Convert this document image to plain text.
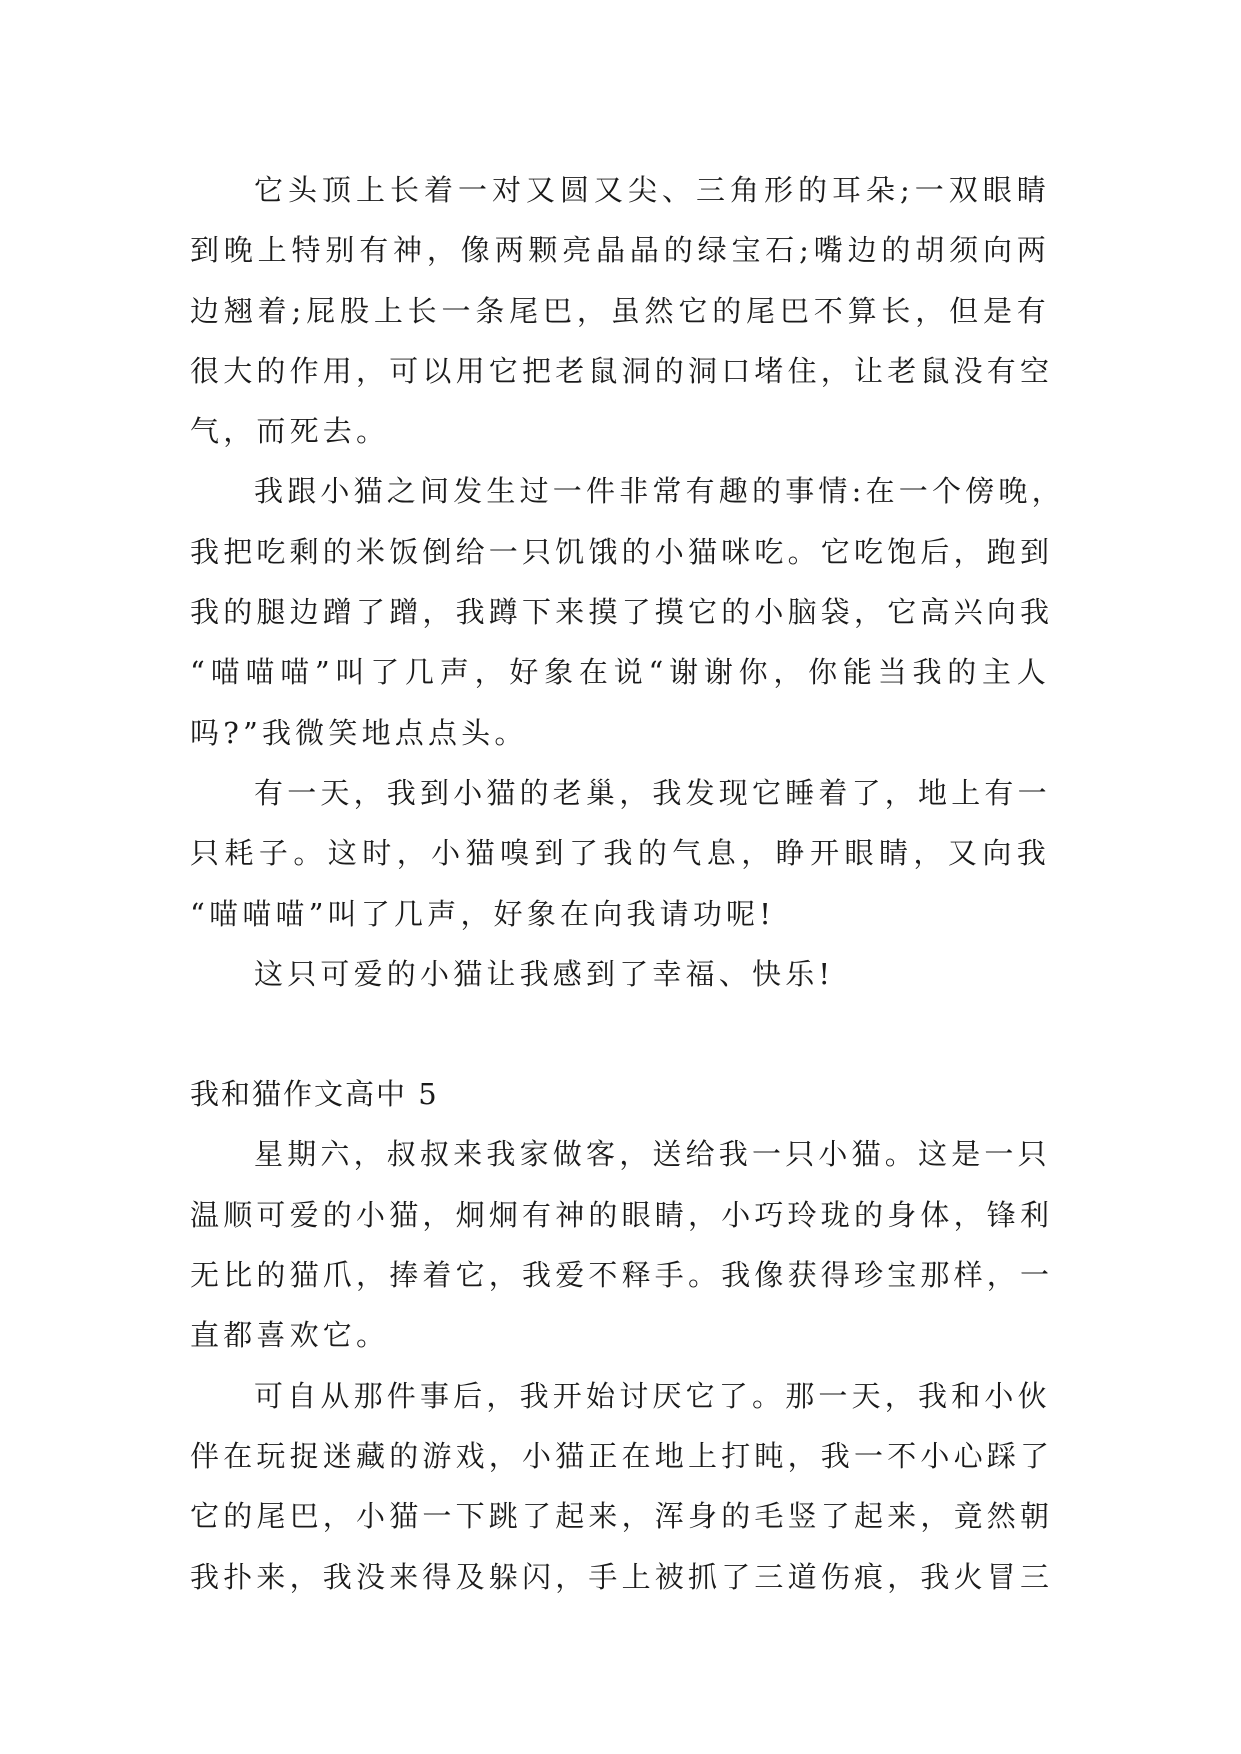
它头顶上长着一对又圆又尖、三角形的耳朵;一双眼睛
到晚上特别有神，像两颗亮晶晶的绿宝石;嘴边的胡须向两
边翘着;屁股上长一条尾巴，虽然它的尾巴不算长，但是有
很大的作用，可以用它把老鼠洞的洞口堵住，让老鼠没有空
气，而死去。
我跟小猫之间发生过一件非常有趣的事情:在一个傍晚，
我把吃剩的米饭倒给一只饥饿的小猫咪吃。它吃饱后，跑到
我的腿边蹭了蹭，我蹲下来摸了摸它的小脑袋，它高兴向我
“喵喵喵”叫了几声，好象在说“谢谢你，你能当我的主人
吗?”我微笑地点点头。
有一天，我到小猫的老巢，我发现它睡着了，地上有一
只耗子。这时，小猫嗅到了我的气息，睁开眼睛，又向我
“喵喵喵”叫了几声，好象在向我请功呢!
这只可爱的小猫让我感到了幸福、快乐!
我和猫作文高中 5
星期六，叔叔来我家做客，送给我一只小猫。这是一只
温顺可爱的小猫，炯炯有神的眼睛，小巧玲珑的身体，锋利
无比的猫爪，捧着它，我爱不释手。我像获得珍宝那样，一
直都喜欢它。
可自从那件事后，我开始讨厌它了。那一天，我和小伙
伴在玩捉迷藏的游戏，小猫正在地上打盹，我一不小心踩了
它的尾巴，小猫一下跳了起来，浑身的毛竖了起来，竟然朝
我扑来，我没来得及躲闪，手上被抓了三道伤痕，我火冒三
